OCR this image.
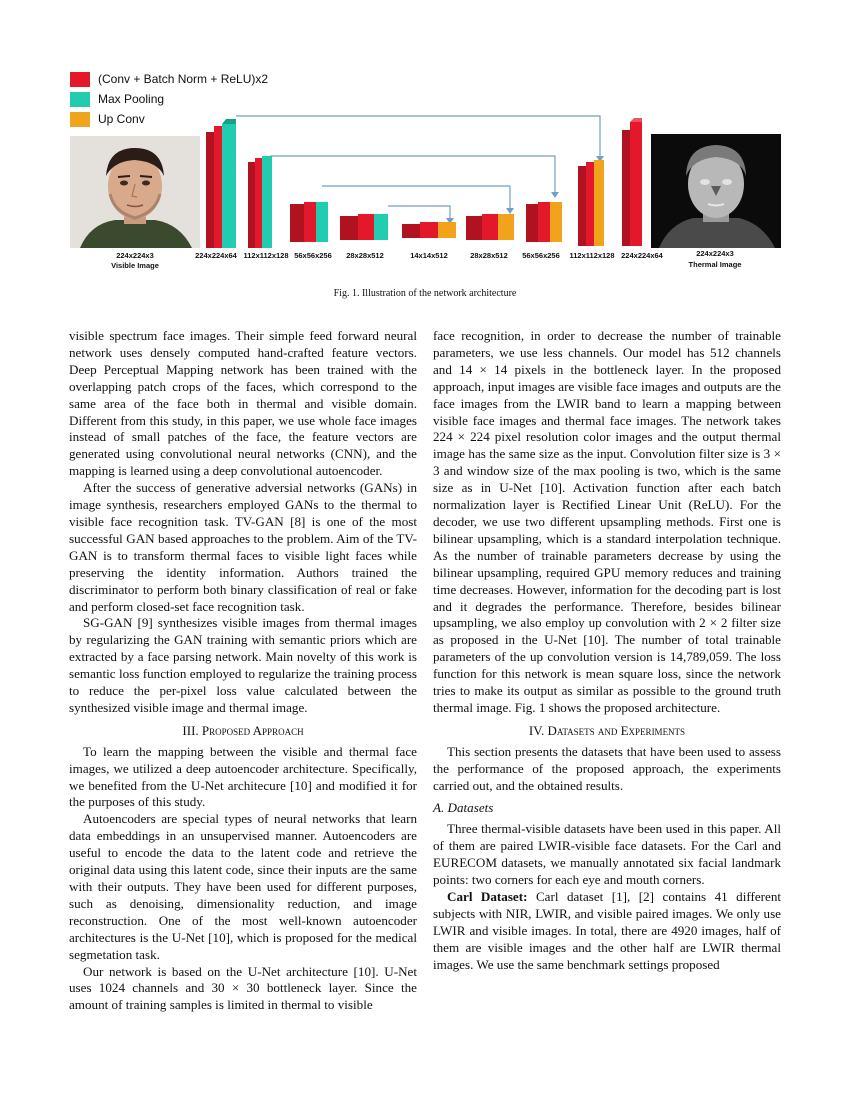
(Conv + Batch Norm + ReLU)x2
Max Pooling
Up Conv
224x224x3
Visible Image
224x224x64 112x112x128 56x56x256	28x28x512	14x14x512	28x28x512	56x56x256	112x112x128 224x224x64	224x224x3
Thermal Image
Fig. 1. Illustration of the network architecture

visible spectrum face images. Their simple feed forward neural network uses densely computed hand-crafted feature vectors. Deep Perceptual Mapping network has been trained with the overlapping patch crops of the faces, which correspond to the same area of the face both in thermal and visible domain. Different from this study, in this paper, we use whole face images instead of small patches of the face, the feature vectors are generated using convolutional neural networks (CNN), and the mapping is learned using a deep convolutional autoencoder.

After the success of generative adversial networks (GANs) in image synthesis, researchers employed GANs to the thermal to visible face recognition task. TV-GAN [8] is one of the most successful GAN based approaches to the problem. Aim of the TV-GAN is to transform thermal faces to visible light faces while preserving the identity information. Authors trained the discriminator to perform both binary classification of real or fake and perform closed-set face recognition task.

SG-GAN [9] synthesizes visible images from thermal images by regularizing the GAN training with semantic priors which are extracted by a face parsing network. Main novelty of this work is semantic loss function employed to regularize the training process to reduce the per-pixel loss value calculated between the synthesized visible image and thermal image.

III. Proposed Approach

To learn the mapping between the visible and thermal face images, we utilized a deep autoencoder architecture. Specifically, we benefited from the U-Net architecure [10] and modified it for the purposes of this study.

Autoencoders are special types of neural networks that learn data embeddings in an unsupervised manner. Autoencoders are useful to encode the data to the latent code and retrieve the original data using this latent code, since their inputs are the same with their outputs. They have been used for different purposes, such as denoising, dimensionality reduction, and image reconstruction. One of the most well-known autoencoder architectures is the U-Net [10], which is proposed for the medical segmetation task.

Our network is based on the U-Net architecture [10]. U-Net uses 1024 channels and 30 × 30 bottleneck layer. Since the amount of training samples is limited in thermal to visible

face recognition, in order to decrease the number of trainable parameters, we use less channels. Our model has 512 channels and 14 × 14 pixels in the bottleneck layer. In the proposed approach, input images are visible face images and outputs are the face images from the LWIR band to learn a mapping between visible face images and thermal face images. The network takes 224 × 224 pixel resolution color images and the output thermal image has the same size as the input. Convolution filter size is 3 × 3 and window size of the max pooling is two, which is the same size as in U-Net [10]. Activation function after each batch normalization layer is Rectified Linear Unit (ReLU). For the decoder, we use two different upsampling methods. First one is bilinear upsampling, which is a standard interpolation technique. As the number of trainable parameters decrease by using the bilinear upsampling, required GPU memory reduces and training time decreases. However, information for the decoding part is lost and it degrades the performance. Therefore, besides bilinear upsampling, we also employ up convolution with 2 × 2 filter size as proposed in the U-Net [10]. The number of total trainable parameters of the up convolution version is 14,789,059. The loss function for this network is mean square loss, since the network tries to make its output as similar as possible to the ground truth thermal image. Fig. 1 shows the proposed architecture.

IV. Datasets and Experiments

This section presents the datasets that have been used to assess the performance of the proposed approach, the experiments carried out, and the obtained results.

A. Datasets

Three thermal-visible datasets have been used in this paper. All of them are paired LWIR-visible face datasets. For the Carl and EURECOM datasets, we manually annotated six facial landmark points: two corners for each eye and mouth corners.

Carl Dataset: Carl dataset [1], [2] contains 41 different subjects with NIR, LWIR, and visible paired images. We only use LWIR and visible images. In total, there are 4920 images, half of them are visible images and the other half are LWIR thermal images. We use the same benchmark settings proposed
